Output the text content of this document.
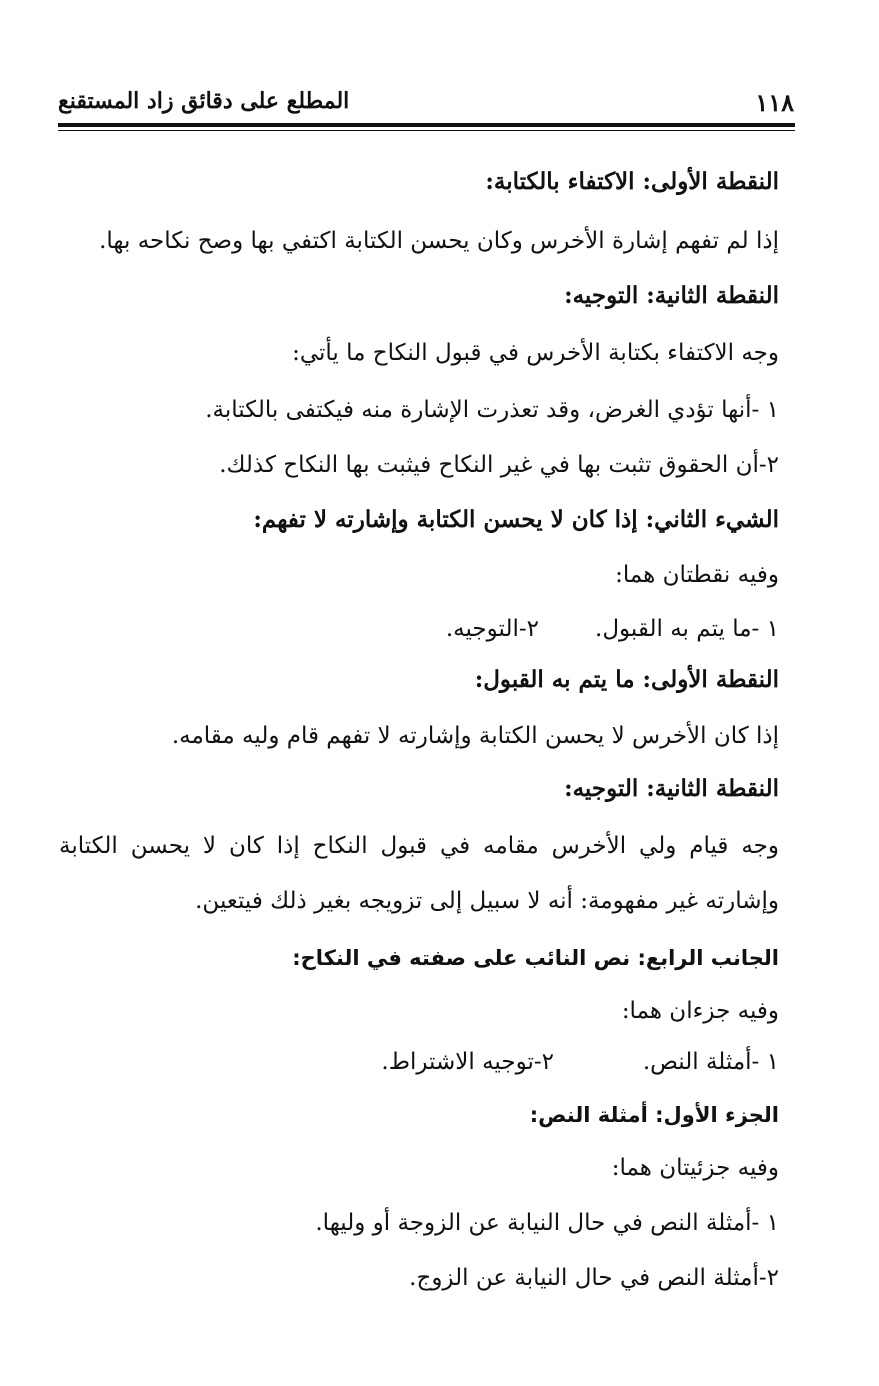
١١٨
المطلع على دقائق زاد المستقنع
النقطة الأولى: الاكتفاء بالكتابة:
إذا لم تفهم إشارة الأخرس وكان يحسن الكتابة اكتفي بها وصح نكاحه بها.
النقطة الثانية: التوجيه:
وجه الاكتفاء بكتابة الأخرس في قبول النكاح ما يأتي:
١ -أنها تؤدي الغرض، وقد تعذرت الإشارة منه فيكتفى بالكتابة.
٢-أن الحقوق تثبت بها في غير النكاح فيثبت بها النكاح كذلك.
الشيء الثاني: إذا كان لا يحسن الكتابة وإشارته لا تفهم:
وفيه نقطتان هما:
١ -ما يتم به القبول.
٢-التوجيه.
النقطة الأولى: ما يتم به القبول:
إذا كان الأخرس لا يحسن الكتابة وإشارته لا تفهم قام وليه مقامه.
النقطة الثانية: التوجيه:
وجه قيام ولي الأخرس مقامه في قبول النكاح إذا كان لا يحسن الكتابة
وإشارته غير مفهومة: أنه لا سبيل إلى تزويجه بغير ذلك فيتعين.
الجانب الرابع: نص النائب على صفته في النكاح:
وفيه جزءان هما:
١ -أمثلة النص.
٢-توجيه الاشتراط.
الجزء الأول: أمثلة النص:
وفيه جزئيتان هما:
١ -أمثلة النص في حال النيابة عن الزوجة أو وليها.
٢-أمثلة النص في حال النيابة عن الزوج.
